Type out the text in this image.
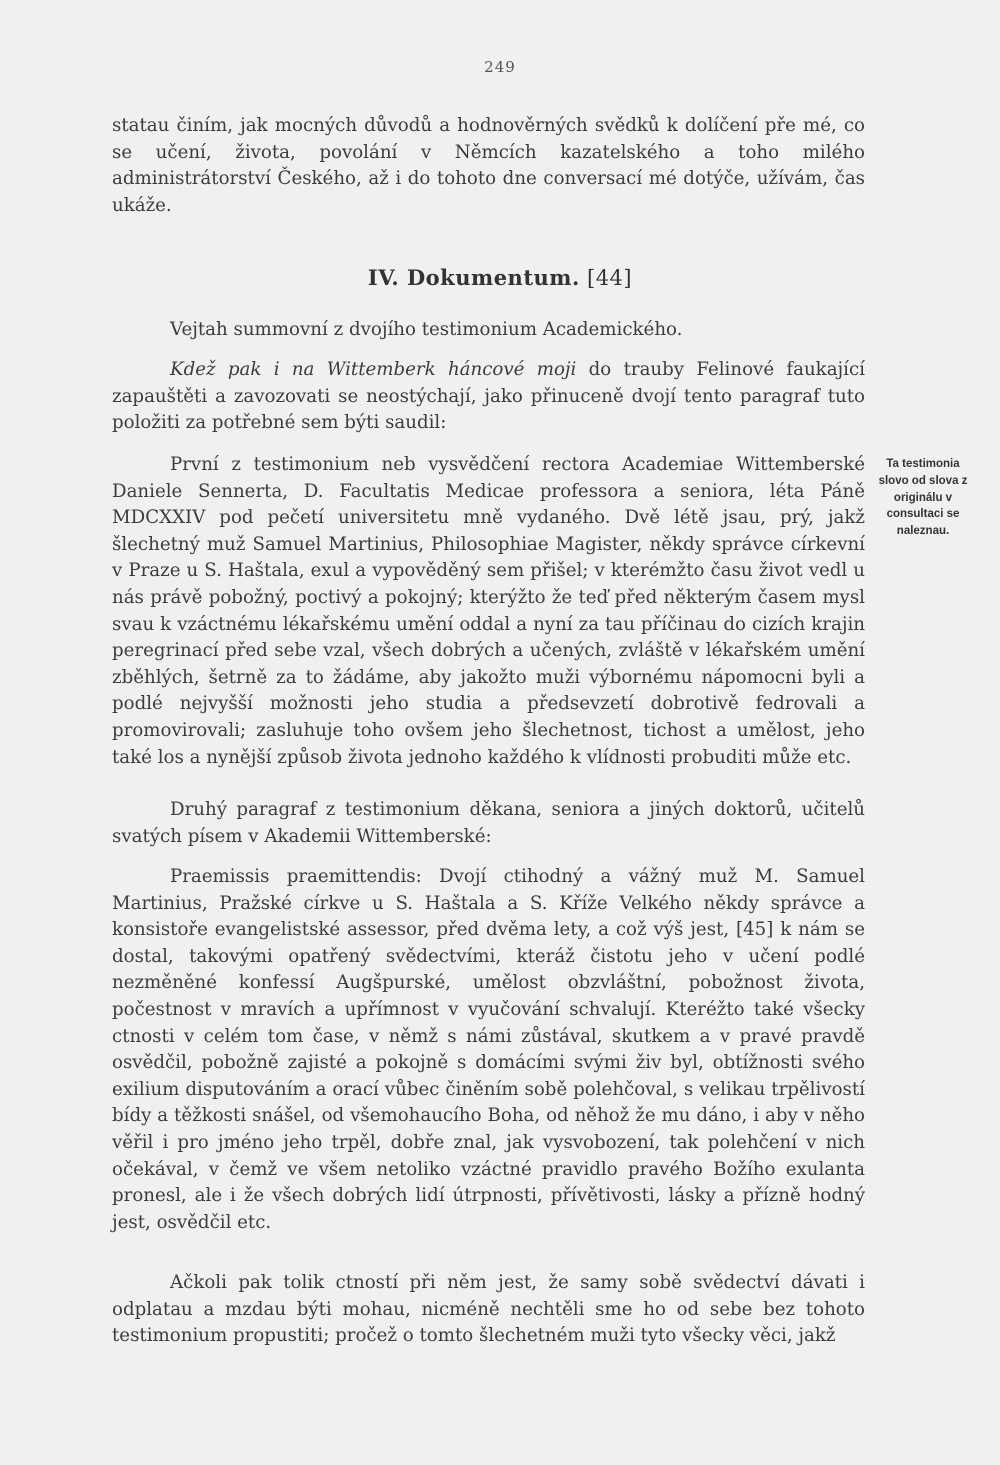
249

statau činím, jak mocných důvodů a hodnověrných svědků k dolíčení pře mé, co se učení, života, povolání v Němcích kazatelského a toho milého administrátorství Českého, až i do tohoto dne conversací mé dotýče, užívám, čas ukáže.

IV. Dokumentum. [44]

Vejtah summovní z dvojího testimonium Academického.

Kdež pak i na Wittemberk háncové moji do trauby Felinové faukající zapauštěti a zavozovati se neostýchají, jako přinuceně dvojí tento paragraf tuto položiti za potřebné sem býti saudil:

První z testimonium neb vysvědčení rectora Academiae Wittemberské Daniele Sennerta, D. Facultatis Medicae professora a seniora, léta Páně MDCXXIV pod pečetí universitetu mně vydaného. Dvě létě jsau, prý, jakž šlechetný muž Samuel Martinius, Philosophiae Magister, někdy správce církevní v Praze u S. Haštala, exul a vypověděný sem přišel; v kterémžto času život vedl u nás právě pobožný, poctivý a pokojný; kterýžto že teď před některým časem mysl svau k vzáctnému lékařskému umění oddal a nyní za tau příčinau do cizích krajin peregrinací před sebe vzal, všech dobrých a učených, zvláště v lékařském umění zběhlých, šetrně za to žádáme, aby jakožto muži výbornému nápomocni byli a podlé nejvyšší možnosti jeho studia a předsevzetí dobrotivě fedrovali a promovirovali; zasluhuje toho ovšem jeho šlechetnost, tichost a umělost, jeho také los a nynější způsob života jednoho každého k vlídnosti probuditi může etc.

Druhý paragraf z testimonium děkana, seniora a jiných doktorů, učitelů svatých písem v Akademii Wittemberské:

Praemissis praemittendis: Dvojí ctihodný a vážný muž M. Samuel Martinius, Pražské církve u S. Haštala a S. Kříže Velkého někdy správce a konsistoře evangelistské assessor, před dvěma lety, a což výš jest, [45] k nám se dostal, takovými opatřený svědectvími, kteráž čistotu jeho v učení podlé nezměněné konfessí Augšpurské, umělost obzvláštní, pobožnost života, počestnost v mravích a upřímnost v vyučování schvalují. Kteréžto také všecky ctnosti v celém tom čase, v němž s námi zůstával, skutkem a v pravé pravdě osvědčil, pobožně zajisté a pokojně s domácími svými živ byl, obtížnosti svého exilium disputováním a orací vůbec činěním sobě polehčoval, s velikau trpělivostí bídy a těžkosti snášel, od všemohaucího Boha, od něhož že mu dáno, i aby v něho věřil i pro jméno jeho trpěl, dobře znal, jak vysvobození, tak polehčení v nich očekával, v čemž ve všem netoliko vzáctné pravidlo pravého Božího exulanta pronesl, ale i že všech dobrých lidí útrpnosti, přívětivosti, lásky a přízně hodný jest, osvědčil etc.

Ačkoli pak tolik ctností při něm jest, že samy sobě svědectví dávati i odplatau a mzdau býti mohau, nicméně nechtěli sme ho od sebe bez tohoto testimonium propustiti; pročež o tomto šlechetném muži tyto všecky věci, jakž

Ta testimonia slovo od slova z originálu v consultaci se naleznau.
